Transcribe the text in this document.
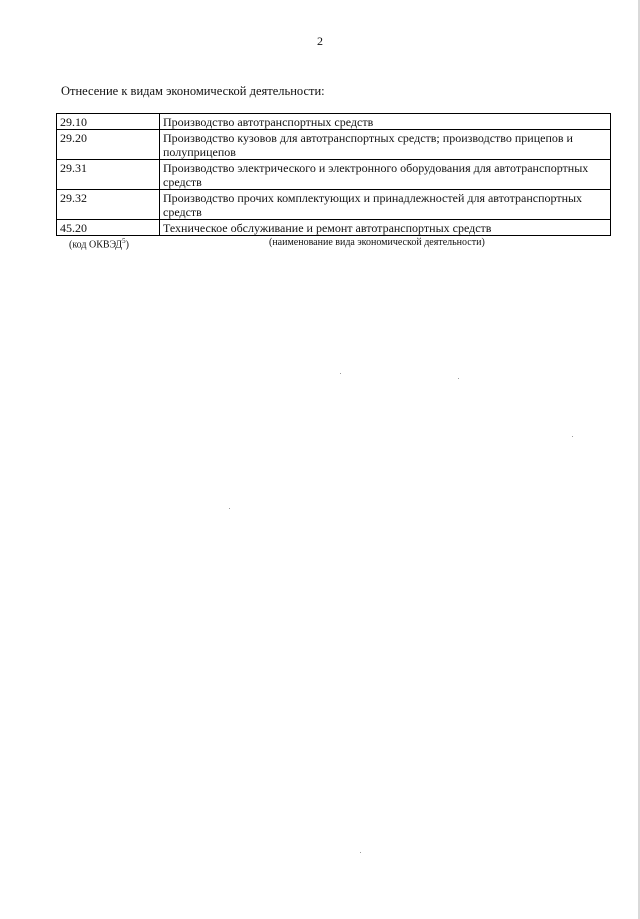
2
Отнесение к видам экономической деятельности:
29.10	Производство автотранспортных средств
29.20	Производство кузовов для автотранспортных средств; производство прицепов и полуприцепов
29.31	Производство электрического и электронного оборудования для автотранспортных средств
29.32	Производство прочих комплектующих и принадлежностей для автотранспортных средств
45.20	Техническое обслуживание и ремонт автотранспортных средств
(код ОКВЭД$^5$)	(наименование вида экономической деятельности)
